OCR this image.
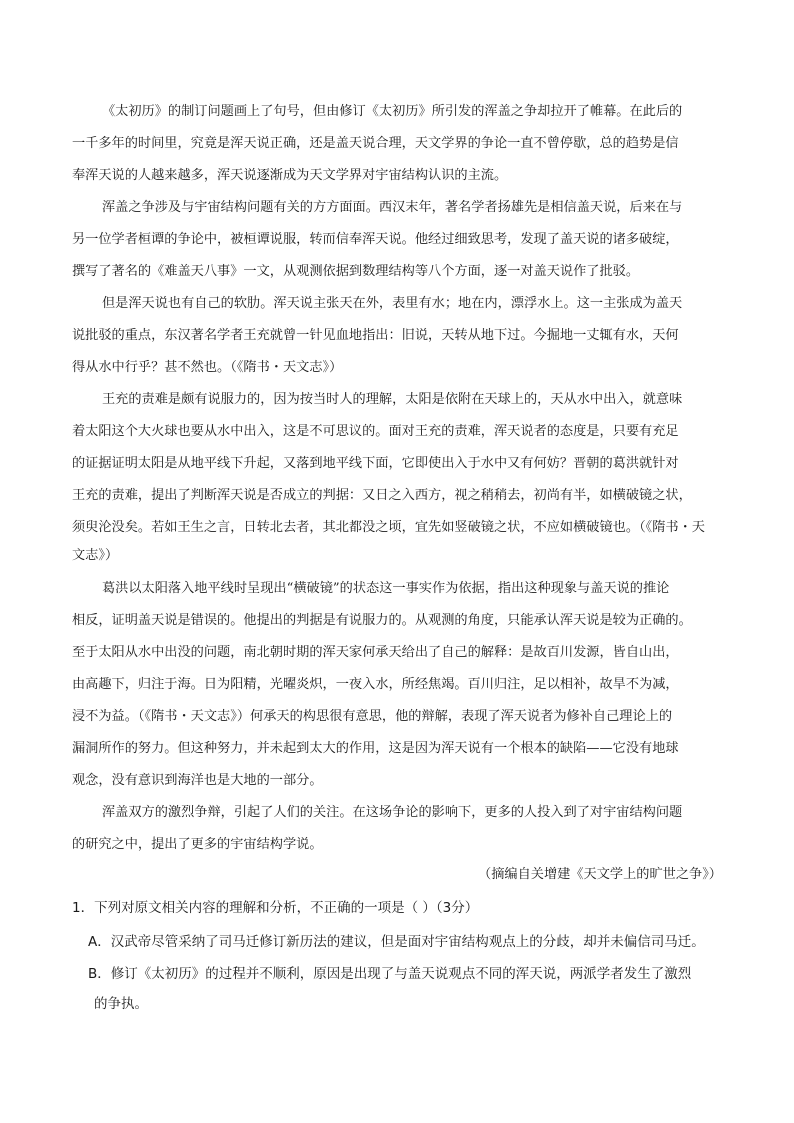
《太初历》的制订问题画上了句号，但由修订《太初历》所引发的浑盖之争却拉开了帷幕。在此后的
一千多年的时间里，究竟是浑天说正确，还是盖天说合理，天文学界的争论一直不曾停歇，总的趋势是信
奉浑天说的人越来越多，浑天说逐渐成为天文学界对宇宙结构认识的主流。
浑盖之争涉及与宇宙结构问题有关的方方面面。西汉末年，著名学者扬雄先是相信盖天说，后来在与
另一位学者桓谭的争论中，被桓谭说服，转而信奉浑天说。他经过细致思考，发现了盖天说的诸多破绽，
撰写了著名的《难盖天八事》一文，从观测依据到数理结构等八个方面，逐一对盖天说作了批驳。
但是浑天说也有自己的软肋。浑天说主张天在外，表里有水；地在内，漂浮水上。这一主张成为盖天
说批驳的重点，东汉著名学者王充就曾一针见血地指出：旧说，天转从地下过。今掘地一丈辄有水，天何
得从水中行乎？甚不然也。（《隋书・天文志》）
王充的责难是颇有说服力的，因为按当时人的理解，太阳是依附在天球上的，天从水中出入，就意味
着太阳这个大火球也要从水中出入，这是不可思议的。面对王充的责难，浑天说者的态度是，只要有充足
的证据证明太阳是从地平线下升起，又落到地平线下面，它即使出入于水中又有何妨？晋朝的葛洪就针对
王充的责难，提出了判断浑天说是否成立的判据：又日之入西方，视之稍稍去，初尚有半，如横破镜之状，
须臾沦没矣。若如王生之言，日转北去者，其北都没之顷，宜先如竖破镜之状，不应如横破镜也。（《隋书・天
文志》）
葛洪以太阳落入地平线时呈现出“横破镜”的状态这一事实作为依据，指出这种现象与盖天说的推论
相反，证明盖天说是错误的。他提出的判据是有说服力的。从观测的角度，只能承认浑天说是较为正确的。
至于太阳从水中出没的问题，南北朝时期的浑天家何承天给出了自己的解释：是故百川发源，皆自山出，
由高趣下，归注于海。日为阳精，光曜炎炽，一夜入水，所经焦竭。百川归注，足以相补，故旱不为减，
浸不为益。（《隋书・天文志》）何承天的构思很有意思，他的辩解，表现了浑天说者为修补自己理论上的
漏洞所作的努力。但这种努力，并未起到太大的作用，这是因为浑天说有一个根本的缺陷——它没有地球
观念，没有意识到海洋也是大地的一部分。
浑盖双方的激烈争辩，引起了人们的关注。在这场争论的影响下，更多的人投入到了对宇宙结构问题
的研究之中，提出了更多的宇宙结构学说。
（摘编自关增建《天文学上的旷世之争》）
1．下列对原文相关内容的理解和分析，不正确的一项是（ ）（3分）
A．汉武帝尽管采纳了司马迁修订新历法的建议，但是面对宇宙结构观点上的分歧，却并未偏信司马迁。
B．修订《太初历》的过程并不顺利，原因是出现了与盖天说观点不同的浑天说，两派学者发生了激烈
的争执。
